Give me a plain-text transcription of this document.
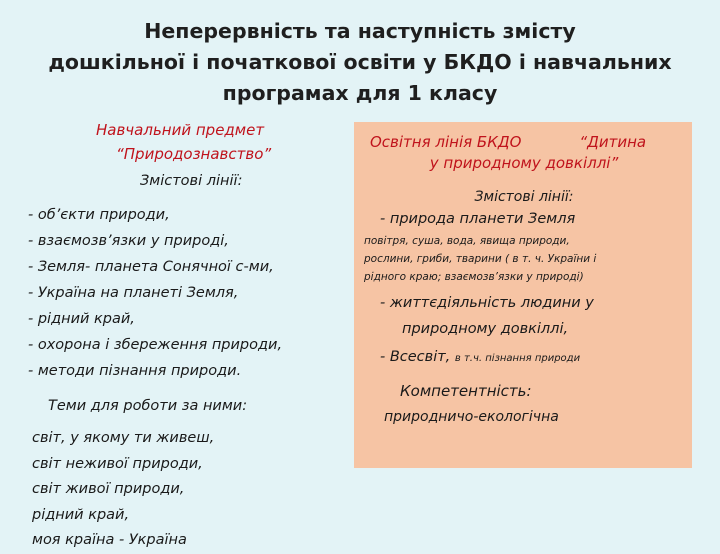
Неперервність та наступність змісту
дошкільної і початкової освіти у БКДО і навчальних
програмах для 1 класу
Навчальний предмет
“Природознавство”
Змістові лінії:
- об’єкти природи,
- взаємозв’язки у природі,
- Земля- планета Сонячної с-ми,
- Україна на планеті Земля,
- рідний край,
- охорона і збереження природи,
- методи пізнання природи.
Теми для роботи за ними:
світ, у якому ти живеш,
світ неживої природи,
світ живої природи,
рідний край,
моя країна - Україна
Освітня лінія БКДО	“Дитина
у природному довкіллі”
Змістові лінії:
- природа планети Земля
повітря, суша, вода, явища природи,
рослини, гриби, тварини ( в т. ч. України і
рідного краю; взаємозв’язки у природі)
- життєдіяльність людини у
природному довкіллі,
- Всесвіт, в т.ч. пізнання природи
Компетентність:
природничо-екологічна
